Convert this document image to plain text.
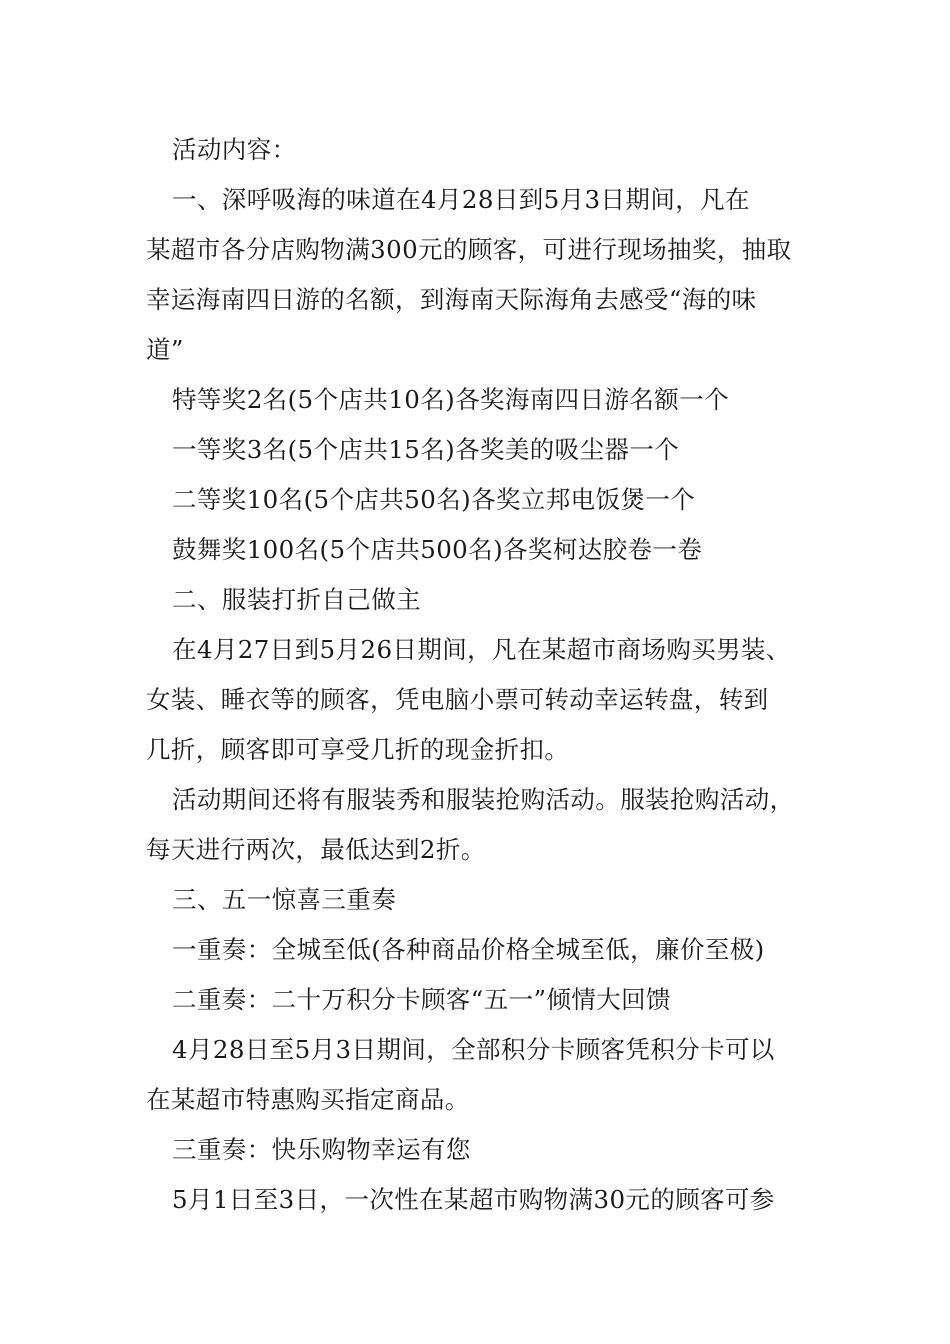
活动内容：
一、深呼吸海的味道在4月28日到5月3日期间，凡在
某超市各分店购物满300元的顾客，可进行现场抽奖，抽取
幸运海南四日游的名额，到海南天际海角去感受“海的味
道”
特等奖2名(5个店共10名)各奖海南四日游名额一个
一等奖3名(5个店共15名)各奖美的吸尘器一个
二等奖10名(5个店共50名)各奖立邦电饭煲一个
鼓舞奖100名(5个店共500名)各奖柯达胶卷一卷
二、服装打折自己做主
在4月27日到5月26日期间，凡在某超市商场购买男装、
女装、睡衣等的顾客，凭电脑小票可转动幸运转盘，转到
几折，顾客即可享受几折的现金折扣。
活动期间还将有服装秀和服装抢购活动。服装抢购活动，
每天进行两次，最低达到2折。
三、五一惊喜三重奏
一重奏：全城至低(各种商品价格全城至低，廉价至极)
二重奏：二十万积分卡顾客“五一”倾情大回馈
4月28日至5月3日期间，全部积分卡顾客凭积分卡可以
在某超市特惠购买指定商品。
三重奏：快乐购物幸运有您
5月1日至3日，一次性在某超市购物满30元的顾客可参
